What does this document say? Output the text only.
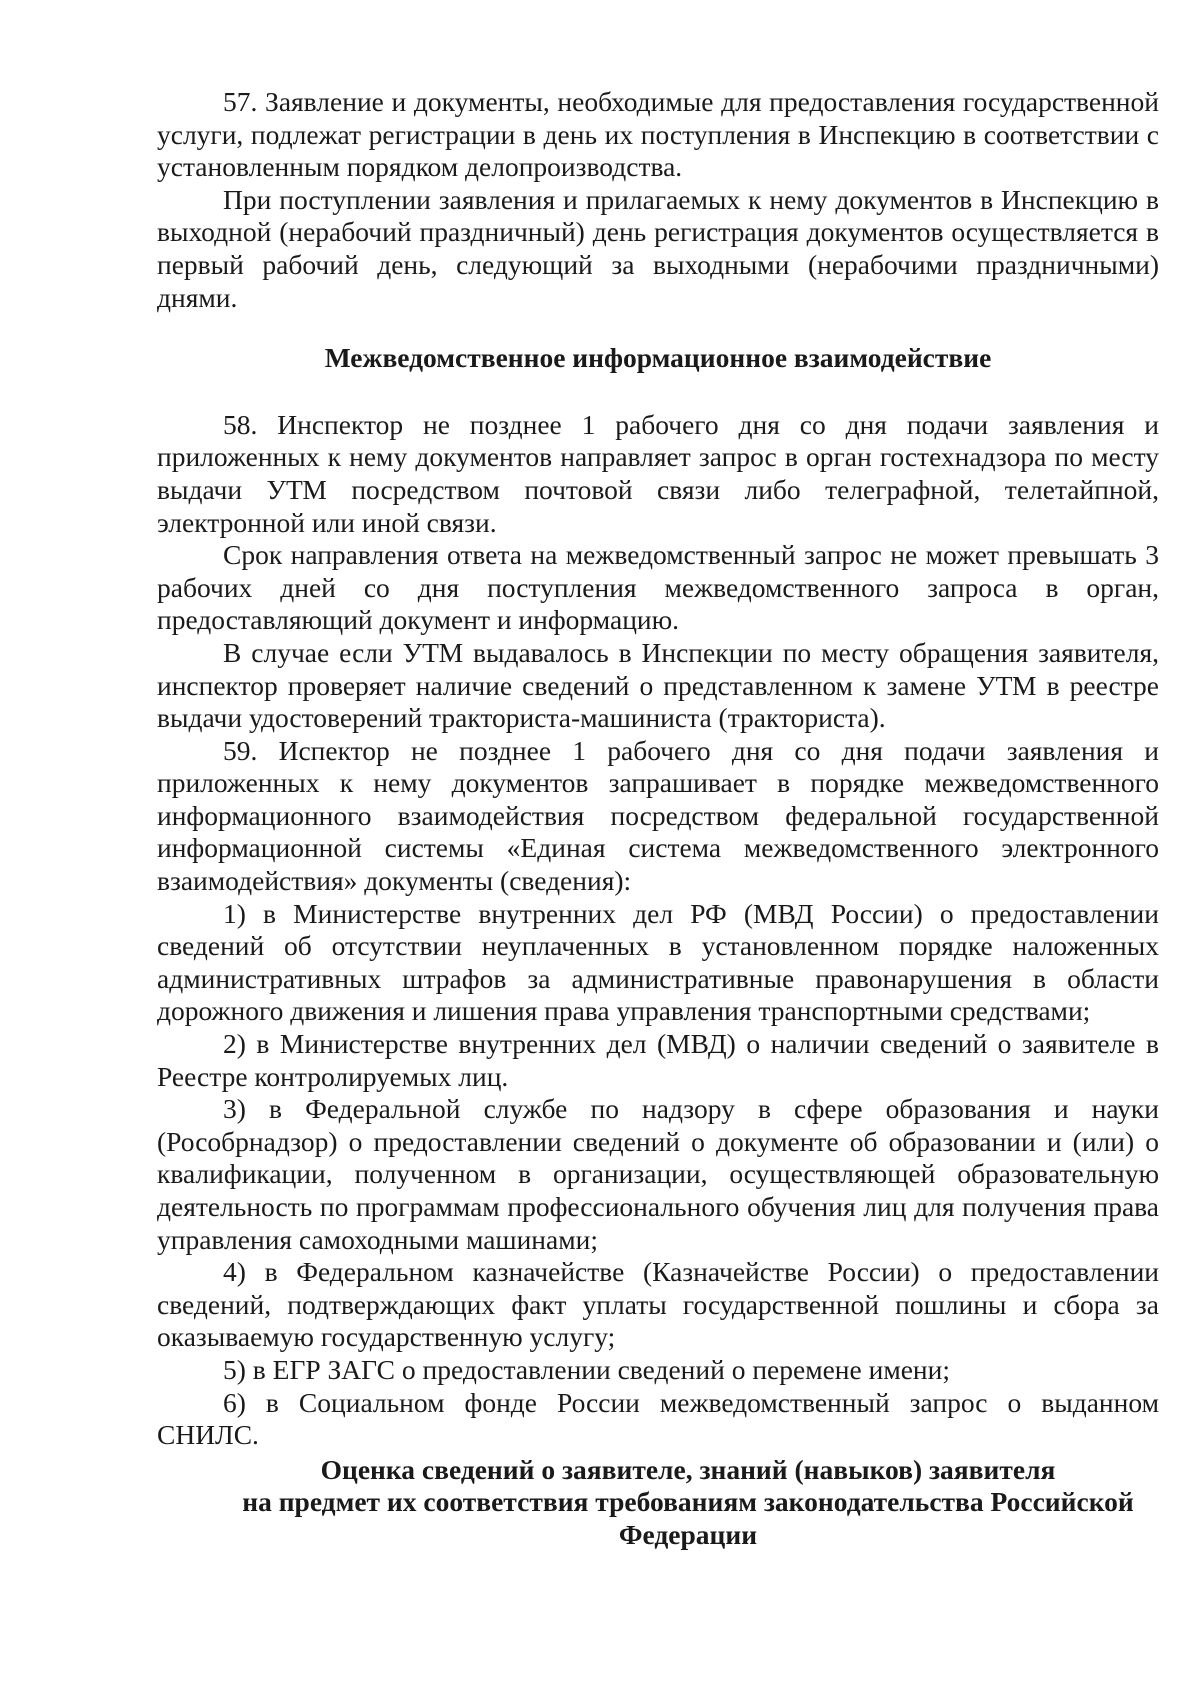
57. Заявление и документы, необходимые для предоставления государственной услуги, подлежат регистрации в день их поступления в Инспекцию в соответствии с установленным порядком делопроизводства.

При поступлении заявления и прилагаемых к нему документов в Инспекцию в выходной (нерабочий праздничный) день регистрация документов осуществляется в первый рабочий день, следующий за выходными (нерабочими праздничными) днями.

Межведомственное информационное взаимодействие

58. Инспектор не позднее 1 рабочего дня со дня подачи заявления и приложенных к нему документов направляет запрос в орган гостехнадзора по месту выдачи УТМ посредством почтовой связи либо телеграфной, телетайпной, электронной или иной связи.

Срок направления ответа на межведомственный запрос не может превышать 3 рабочих дней со дня поступления межведомственного запроса в орган, предоставляющий документ и информацию.

В случае если УТМ выдавалось в Инспекции по месту обращения заявителя, инспектор проверяет наличие сведений о представленном к замене УТМ в реестре выдачи удостоверений тракториста-машиниста (тракториста).

59. Испектор не позднее 1 рабочего дня со дня подачи заявления и приложенных к нему документов запрашивает в порядке межведомственного информационного взаимодействия посредством федеральной государственной информационной системы «Единая система межведомственного электронного взаимодействия» документы (сведения):

1) в Министерстве внутренних дел РФ (МВД России) о предоставлении сведений об отсутствии неуплаченных в установленном порядке наложенных административных штрафов за административные правонарушения в области дорожного движения и лишения права управления транспортными средствами;

2) в Министерстве внутренних дел (МВД) о наличии сведений о заявителе в Реестре контролируемых лиц.

3) в Федеральной службе по надзору в сфере образования и науки (Рособрнадзор) о предоставлении сведений о документе об образовании и (или) о квалификации, полученном в организации, осуществляющей образовательную деятельность по программам профессионального обучения лиц для получения права управления самоходными машинами;

4) в Федеральном казначействе (Казначействе России) о предоставлении сведений, подтверждающих факт уплаты государственной пошлины и сбора за оказываемую государственную услугу;

5) в ЕГР ЗАГС о предоставлении сведений о перемене имени;

6) в Социальном фонде России межведомственный запрос о выданном СНИЛС.

Оценка сведений о заявителе, знаний (навыков) заявителя
на предмет их соответствия требованиям законодательства Российской
Федерации
